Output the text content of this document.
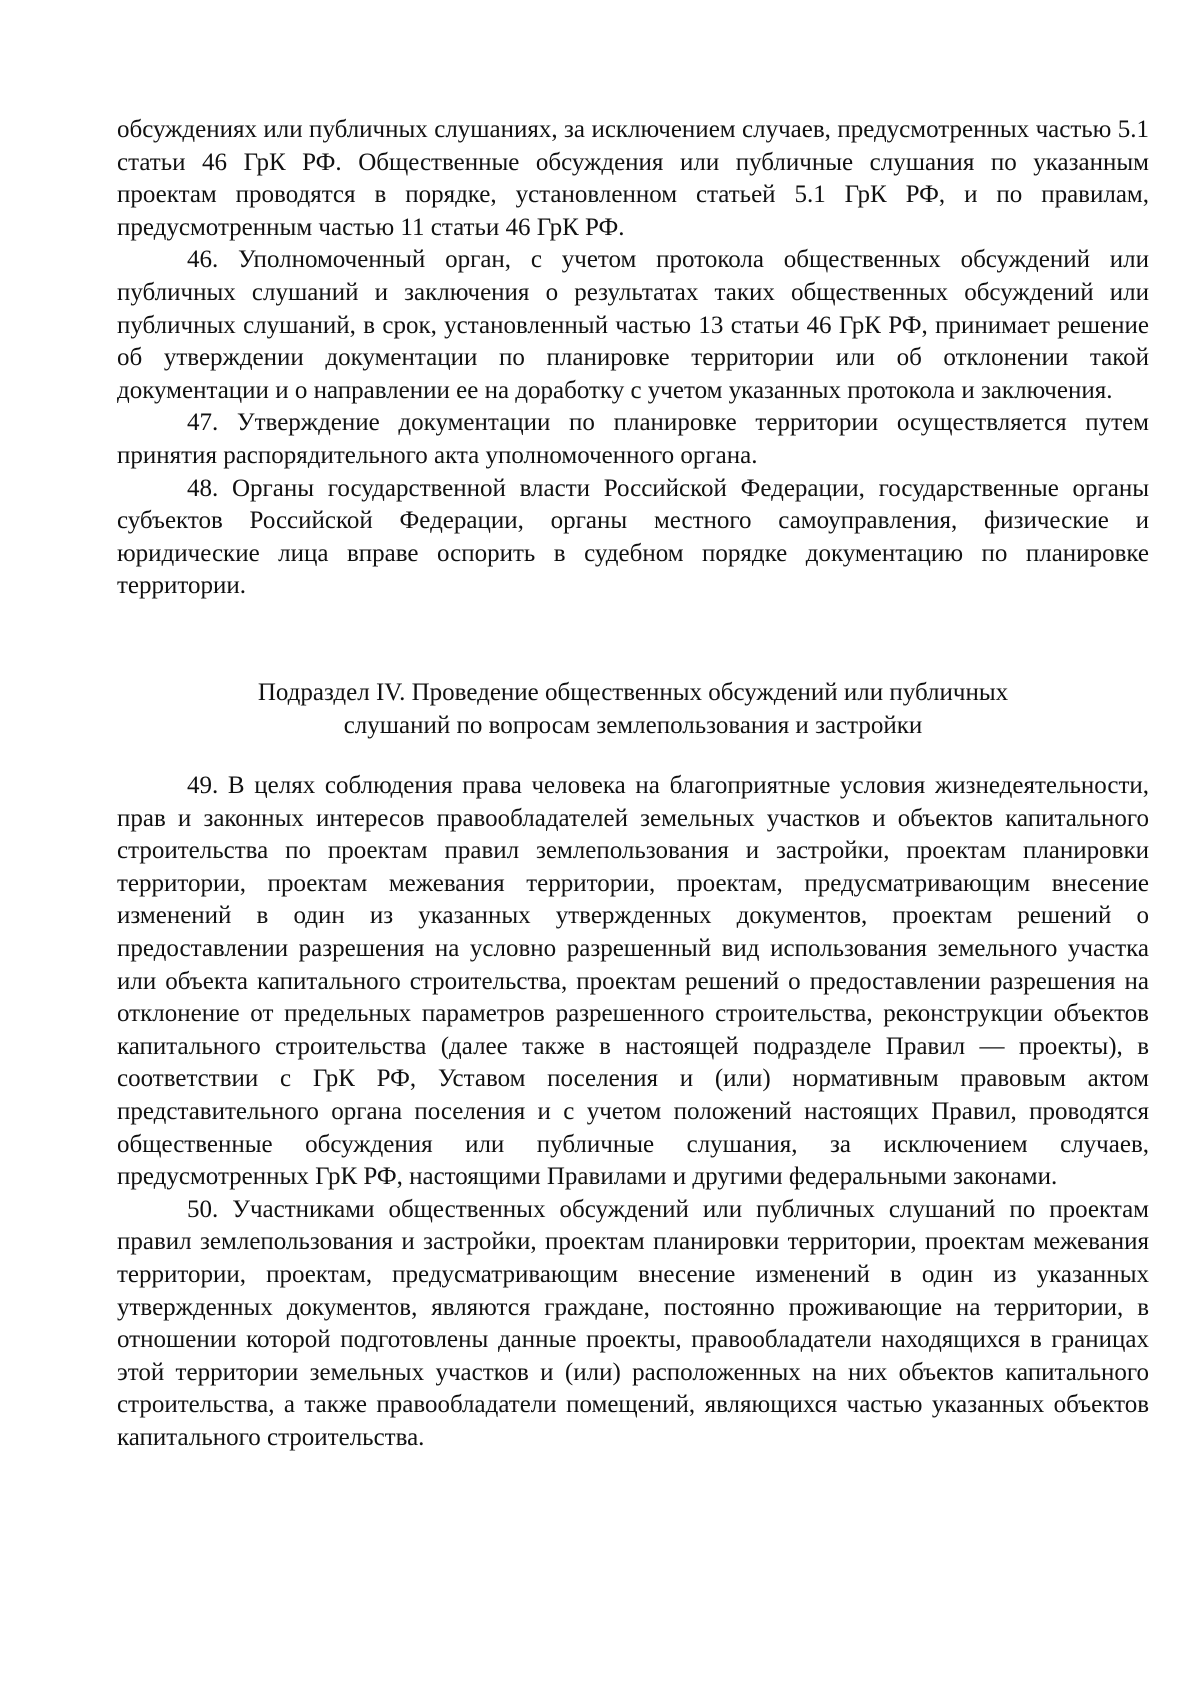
обсуждениях или публичных слушаниях, за исключением случаев, предусмотренных частью 5.1 статьи 46 ГрК РФ. Общественные обсуждения или публичные слушания по указанным проектам проводятся в порядке, установленном статьей 5.1 ГрК РФ, и по правилам, предусмотренным частью 11 статьи 46 ГрК РФ.

46. Уполномоченный орган, с учетом протокола общественных обсуждений или публичных слушаний и заключения о результатах таких общественных обсуждений или публичных слушаний, в срок, установленный частью 13 статьи 46 ГрК РФ, принимает решение об утверждении документации по планировке территории или об отклонении такой документации и о направлении ее на доработку с учетом указанных протокола и заключения.

47. Утверждение документации по планировке территории осуществляется путем принятия распорядительного акта уполномоченного органа.

48. Органы государственной власти Российской Федерации, государственные органы субъектов Российской Федерации, органы местного самоуправления, физические и юридические лица вправе оспорить в судебном порядке документацию по планировке территории.

Подраздел IV. Проведение общественных обсуждений или публичных
слушаний по вопросам землепользования и застройки

49. В целях соблюдения права человека на благоприятные условия жизнедеятельности, прав и законных интересов правообладателей земельных участков и объектов капитального строительства по проектам правил землепользования и застройки, проектам планировки территории, проектам межевания территории, проектам, предусматривающим внесение изменений в один из указанных утвержденных документов, проектам решений о предоставлении разрешения на условно разрешенный вид использования земельного участка или объекта капитального строительства, проектам решений о предоставлении разрешения на отклонение от предельных параметров разрешенного строительства, реконструкции объектов капитального строительства (далее также в настоящей подразделе Правил — проекты), в соответствии с ГрК РФ, Уставом поселения и (или) нормативным правовым актом представительного органа поселения и с учетом положений настоящих Правил, проводятся общественные обсуждения или публичные слушания, за исключением случаев, предусмотренных ГрК РФ, настоящими Правилами и другими федеральными законами.

50. Участниками общественных обсуждений или публичных слушаний по проектам правил землепользования и застройки, проектам планировки территории, проектам межевания территории, проектам, предусматривающим внесение изменений в один из указанных утвержденных документов, являются граждане, постоянно проживающие на территории, в отношении которой подготовлены данные проекты, правообладатели находящихся в границах этой территории земельных участков и (или) расположенных на них объектов капитального строительства, а также правообладатели помещений, являющихся частью указанных объектов капитального строительства.
